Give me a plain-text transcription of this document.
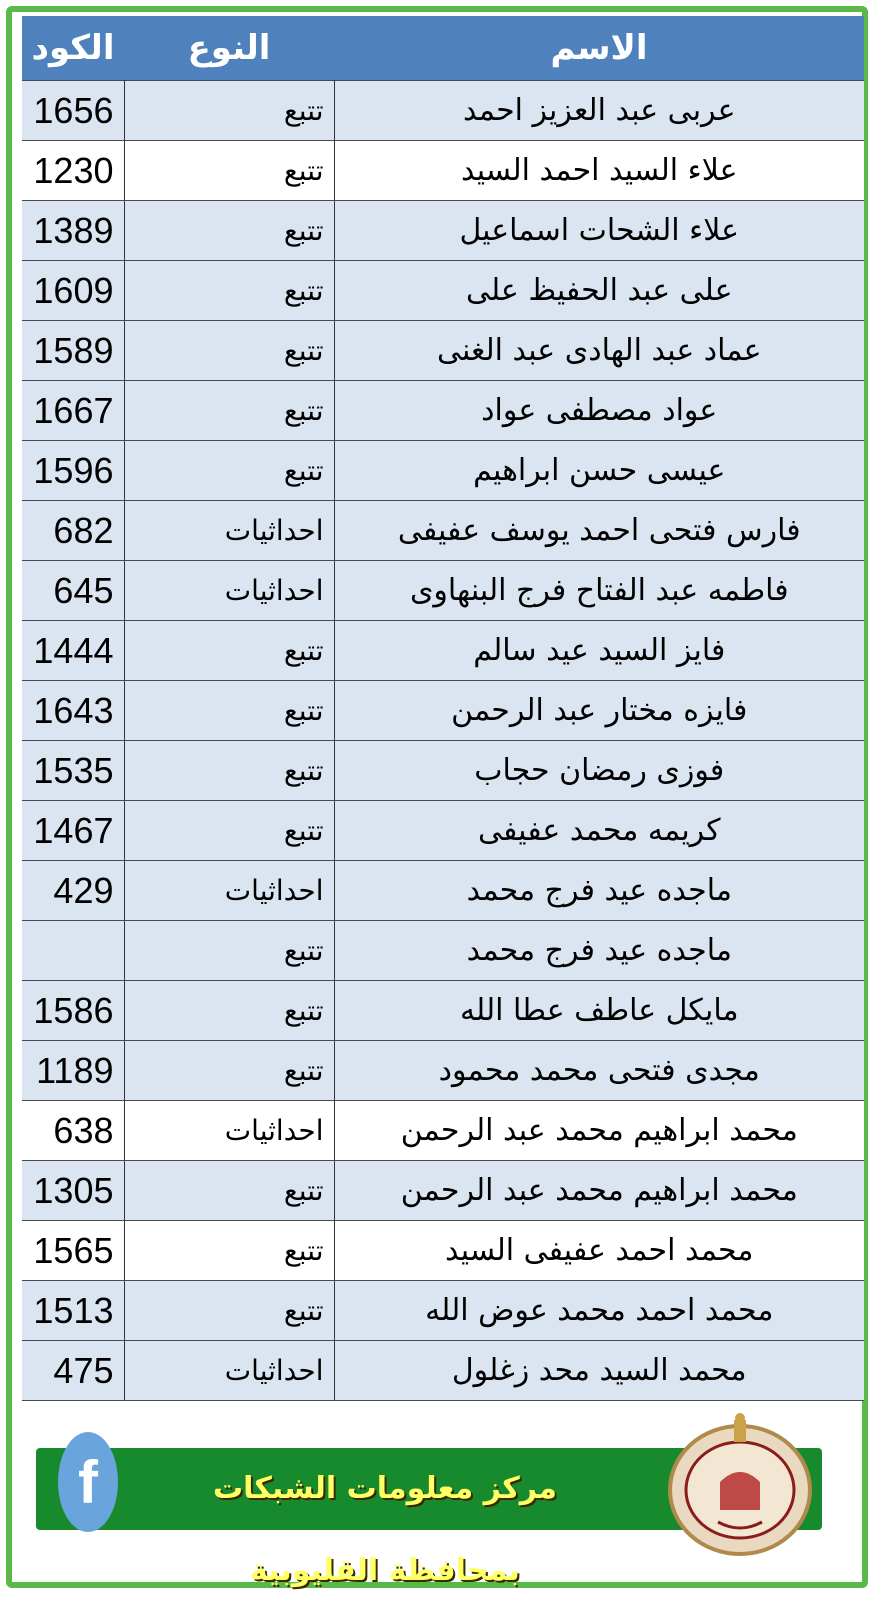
الكود	النوع	الاسم
1656	تتبع	عربى عبد العزيز احمد
1230	تتبع	علاء السيد احمد السيد
1389	تتبع	علاء الشحات اسماعيل
1609	تتبع	على عبد الحفيظ على
1589	تتبع	عماد عبد الهادى عبد الغنى
1667	تتبع	عواد مصطفى عواد
1596	تتبع	عيسى حسن ابراهيم
682	احداثيات	فارس فتحى احمد يوسف عفيفى
645	احداثيات	فاطمه عبد الفتاح فرج البنهاوى
1444	تتبع	فايز السيد عيد سالم
1643	تتبع	فايزه مختار عبد الرحمن
1535	تتبع	فوزى رمضان حجاب
1467	تتبع	كريمه محمد عفيفى
429	احداثيات	ماجده عيد فرج محمد
	تتبع	ماجده عيد فرج محمد
1586	تتبع	مايكل عاطف عطا الله
1189	تتبع	مجدى فتحى محمد محمود
638	احداثيات	محمد ابراهيم محمد عبد الرحمن
1305	تتبع	محمد ابراهيم محمد عبد الرحمن
1565	تتبع	محمد احمد عفيفى السيد
1513	تتبع	محمد احمد محمد عوض الله
475	احداثيات	محمد السيد محد زغلول
f	مركز معلومات الشبكات بمحافظة القليوبية
